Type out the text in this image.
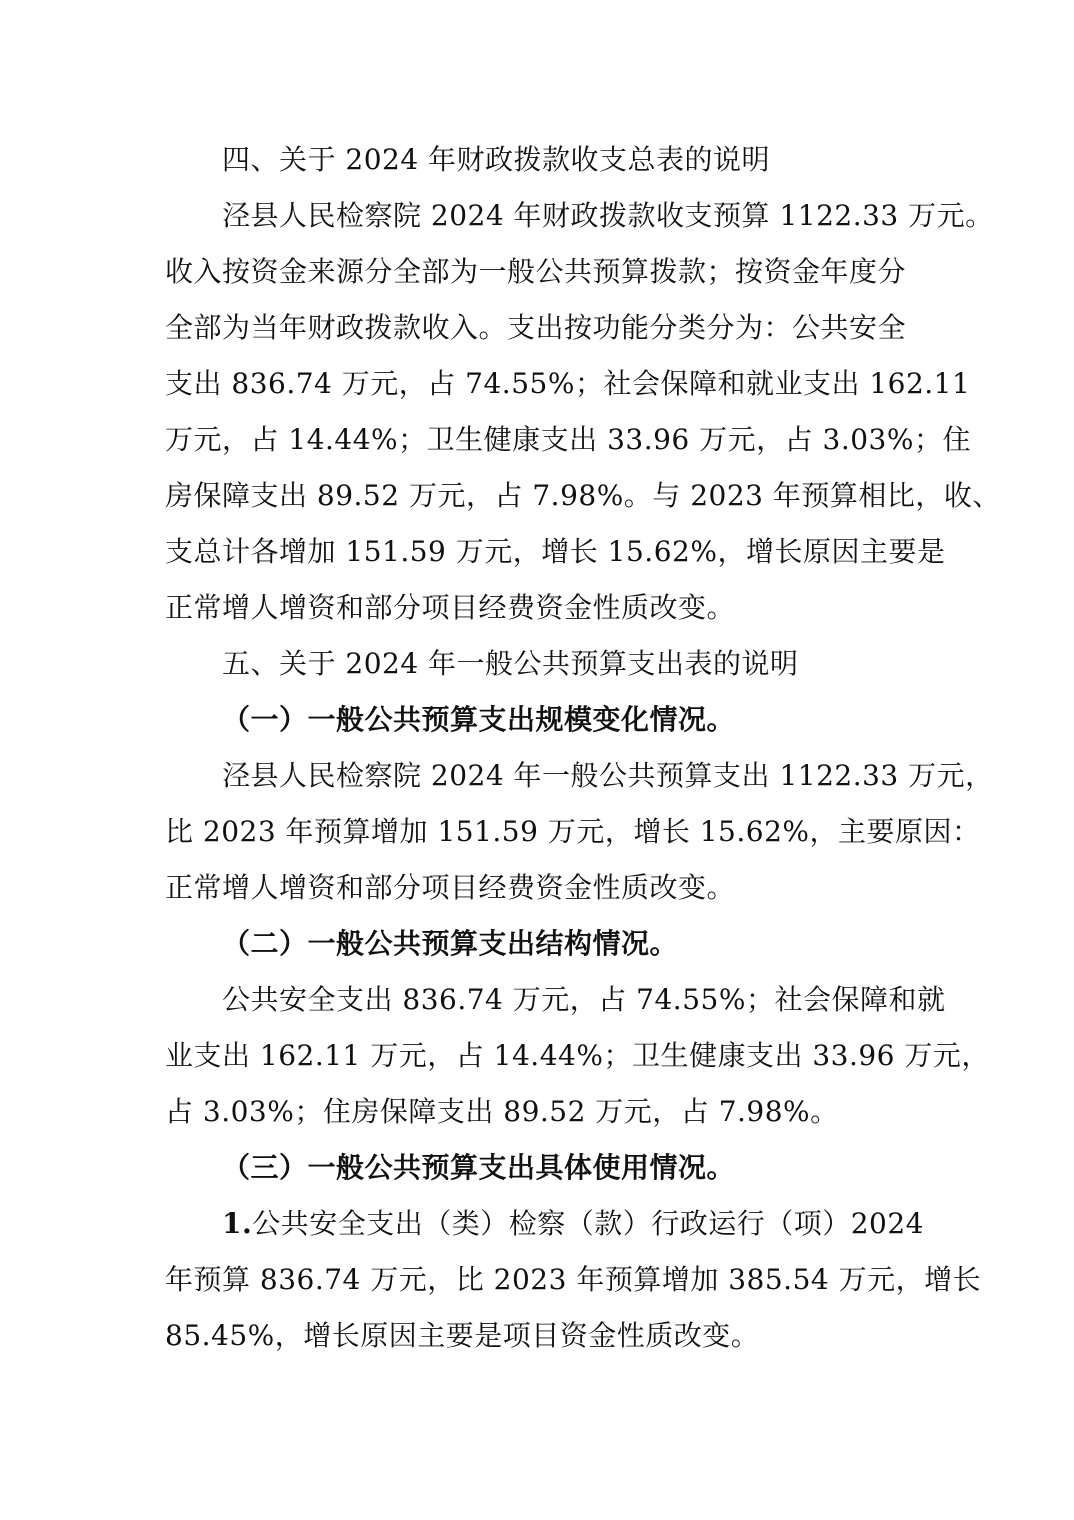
四、关于 2024 年财政拨款收支总表的说明
泾县人民检察院 2024 年财政拨款收支预算 1122.33 万元。
收入按资金来源分全部为一般公共预算拨款；按资金年度分
全部为当年财政拨款收入。支出按功能分类分为：公共安全
支出 836.74 万元，占 74.55%；社会保障和就业支出 162.11
万元，占 14.44%；卫生健康支出 33.96 万元，占 3.03%；住
房保障支出 89.52 万元，占 7.98%。与 2023 年预算相比，收、
支总计各增加 151.59 万元，增长 15.62%，增长原因主要是
正常增人增资和部分项目经费资金性质改变。
五、关于 2024 年一般公共预算支出表的说明
（一）一般公共预算支出规模变化情况。
泾县人民检察院 2024 年一般公共预算支出 1122.33 万元，
比 2023 年预算增加 151.59 万元，增长 15.62%，主要原因：
正常增人增资和部分项目经费资金性质改变。
（二）一般公共预算支出结构情况。
公共安全支出 836.74 万元，占 74.55%；社会保障和就
业支出 162.11 万元，占 14.44%；卫生健康支出 33.96 万元，
占 3.03%；住房保障支出 89.52 万元，占 7.98%。
（三）一般公共预算支出具体使用情况。
1.公共安全支出（类）检察（款）行政运行（项）2024
年预算 836.74 万元，比 2023 年预算增加 385.54 万元，增长
85.45%，增长原因主要是项目资金性质改变。
